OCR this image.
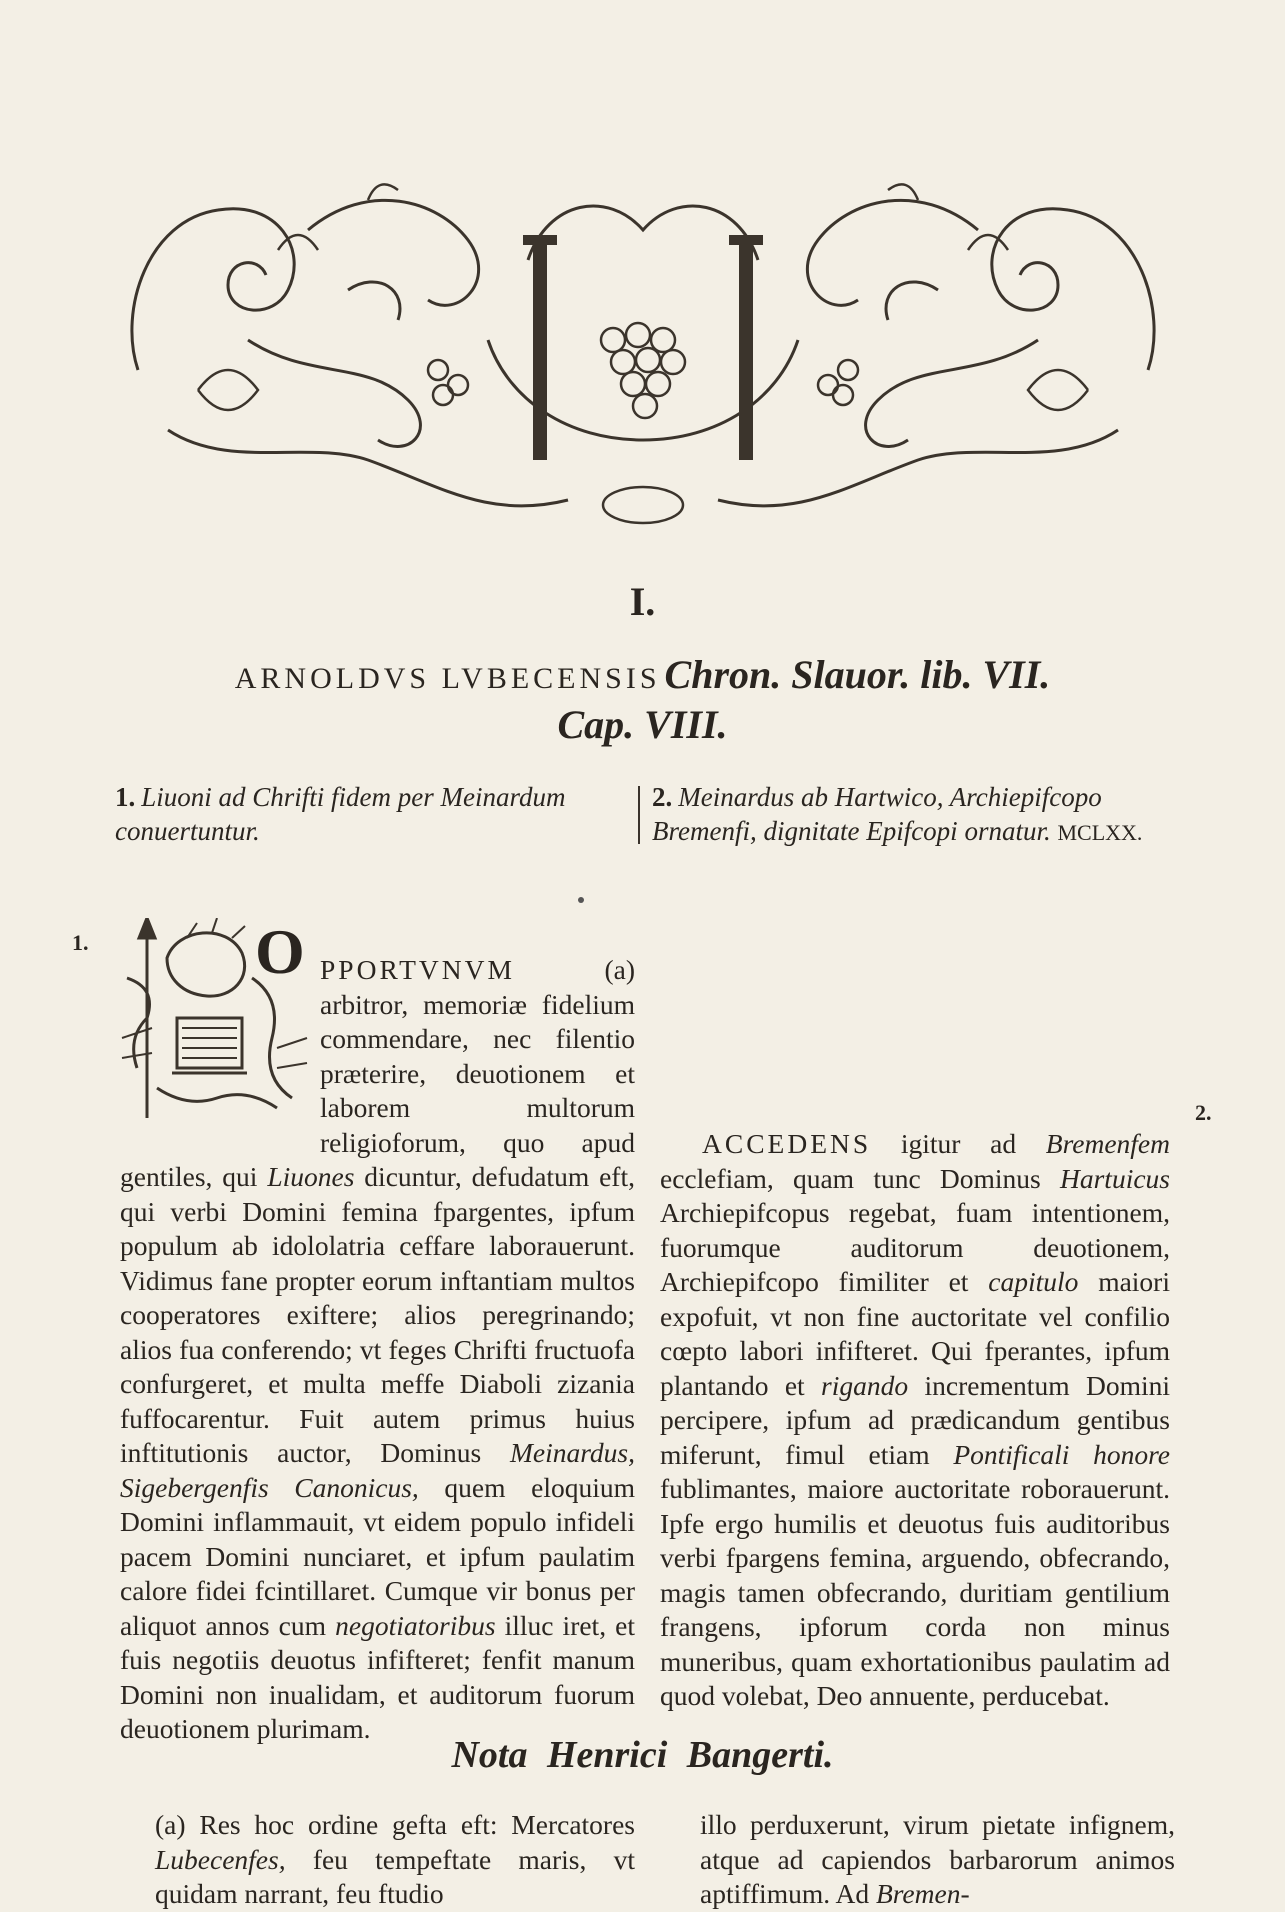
I.
ARNOLDVS LVBECENSIS Chron. Slauor. lib. VII.
Cap. VIII.
1. Liuoni ad Chrifti fidem per Meinardum conuertuntur.
2. Meinardus ab Hartwico, Archiepifcopo Bremenfi, dignitate Epifcopi ornatur. MCLXX.
1.
2.
O PPORTVNVM (a) arbitror, memoriæ fidelium commendare, nec filentio præterire, deuotionem et laborem multorum religioforum, quo apud gentiles, qui Liuones dicuntur, defudatum eft, qui verbi Domini femina fpargentes, ipfum populum ab idololatria ceffare laborauerunt. Vidimus fane propter eorum inftantiam multos cooperatores exiftere; alios peregrinando; alios fua conferendo; vt feges Chrifti fructuofa confurgeret, et multa meffe Diaboli zizania fuffocarentur. Fuit autem primus huius inftitutionis auctor, Dominus Meinardus, Sigebergenfis Canonicus, quem eloquium Domini inflammauit, vt eidem populo infideli pacem Domini nunciaret, et ipfum paulatim calore fidei fcintillaret. Cumque vir bonus per aliquot annos cum negotiatoribus illuc iret, et fuis negotiis deuotus infifteret; fenfit manum Domini non inualidam, et auditorum fuorum deuotionem plurimam.

ACCEDENS igitur ad Bremenfem ecclefiam, quam tunc Dominus Hartuicus Archiepifcopus regebat, fuam intentionem, fuorumque auditorum deuotionem, Archiepifcopo fimiliter et capitulo maiori expofuit, vt non fine auctoritate vel confilio cœpto labori infifteret. Qui fperantes, ipfum plantando et rigando incrementum Domini percipere, ipfum ad prædicandum gentibus miferunt, fimul etiam Pontificali honore fublimantes, maiore auctoritate roborauerunt. Ipfe ergo humilis et deuotus fuis auditoribus verbi fpargens femina, arguendo, obfecrando, magis tamen obfecrando, duritiam gentilium frangens, ipforum corda non minus muneribus, quam exhortationibus paulatim ad quod volebat, Deo annuente, perducebat.

Nota Henrici Bangerti.

(a) Res hoc ordine gefta eft: Mercatores Lubecenfes, feu tempeftate maris, vt quidam narrant, feu ftudio

illo perduxerunt, virum pietate infignem, atque ad capiendos barbarorum animos aptiffimum. Ad Bremen-
